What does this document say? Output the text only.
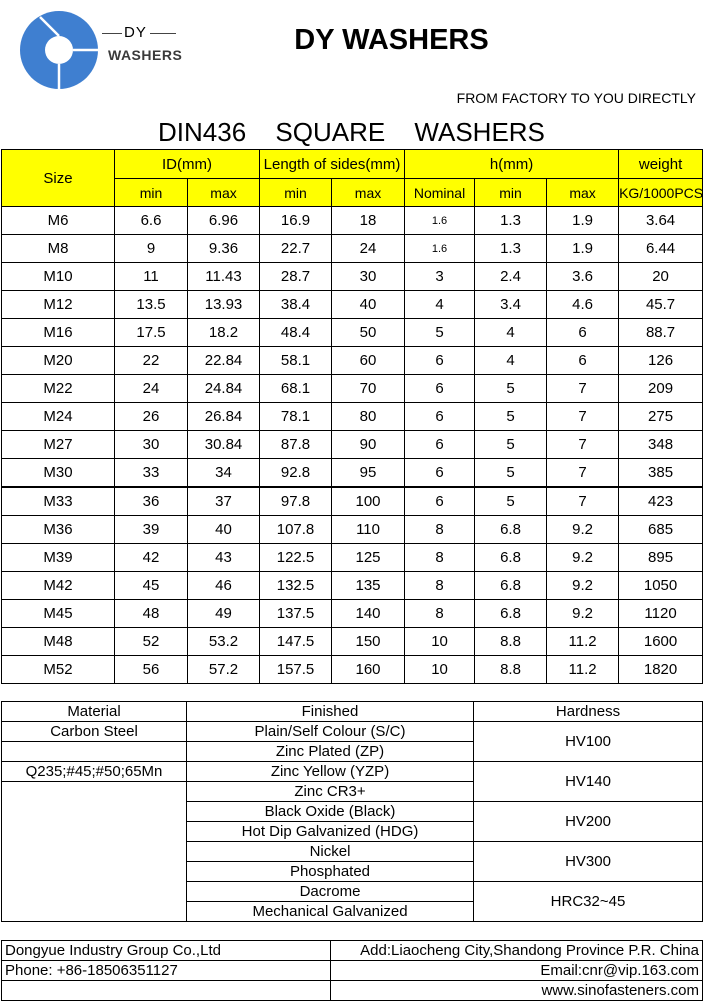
DY
WASHERS	DY WASHERS
FROM FACTORY TO YOU DIRECTLY
DIN436 SQUARE WASHERS
Size	ID(mm)		Length of sides(mm)		h(mm)			weight
	min	max	min	max	Nominal	min	max	KG/1000PCS
M6	6.6	6.96	16.9	18	1.6	1.3	1.9	3.64
M8	9	9.36	22.7	24	1.6	1.3	1.9	6.44
M10	11	11.43	28.7	30	3	2.4	3.6	20
M12	13.5	13.93	38.4	40	4	3.4	4.6	45.7
M16	17.5	18.2	48.4	50	5	4	6	88.7
M20	22	22.84	58.1	60	6	4	6	126
M22	24	24.84	68.1	70	6	5	7	209
M24	26	26.84	78.1	80	6	5	7	275
M27	30	30.84	87.8	90	6	5	7	348
M30	33	34	92.8	95	6	5	7	385
M33	36	37	97.8	100	6	5	7	423
M36	39	40	107.8	110	8	6.8	9.2	685
M39	42	43	122.5	125	8	6.8	9.2	895
M42	45	46	132.5	135	8	6.8	9.2	1050
M45	48	49	137.5	140	8	6.8	9.2	1120
M48	52	53.2	147.5	150	10	8.8	11.2	1600
M52	56	57.2	157.5	160	10	8.8	11.2	1820
Material	Finished	Hardness
Carbon Steel	Plain/Self Colour (S/C)	HV100
	Zinc Plated (ZP)	
Q235;#45;#50;65Mn	Zinc Yellow (YZP)	HV140
	Zinc CR3+	
	Black Oxide (Black)	HV200
	Hot Dip Galvanized (HDG)	
	Nickel	HV300
	Phosphated	
	Dacrome	HRC32~45
	Mechanical Galvanized	
Dongyue Industry Group Co.,Ltd	Add:Liaocheng City,Shandong Province P.R. China
Phone: +86-18506351127	Email:cnr@vip.163.com
	www.sinofasteners.com
